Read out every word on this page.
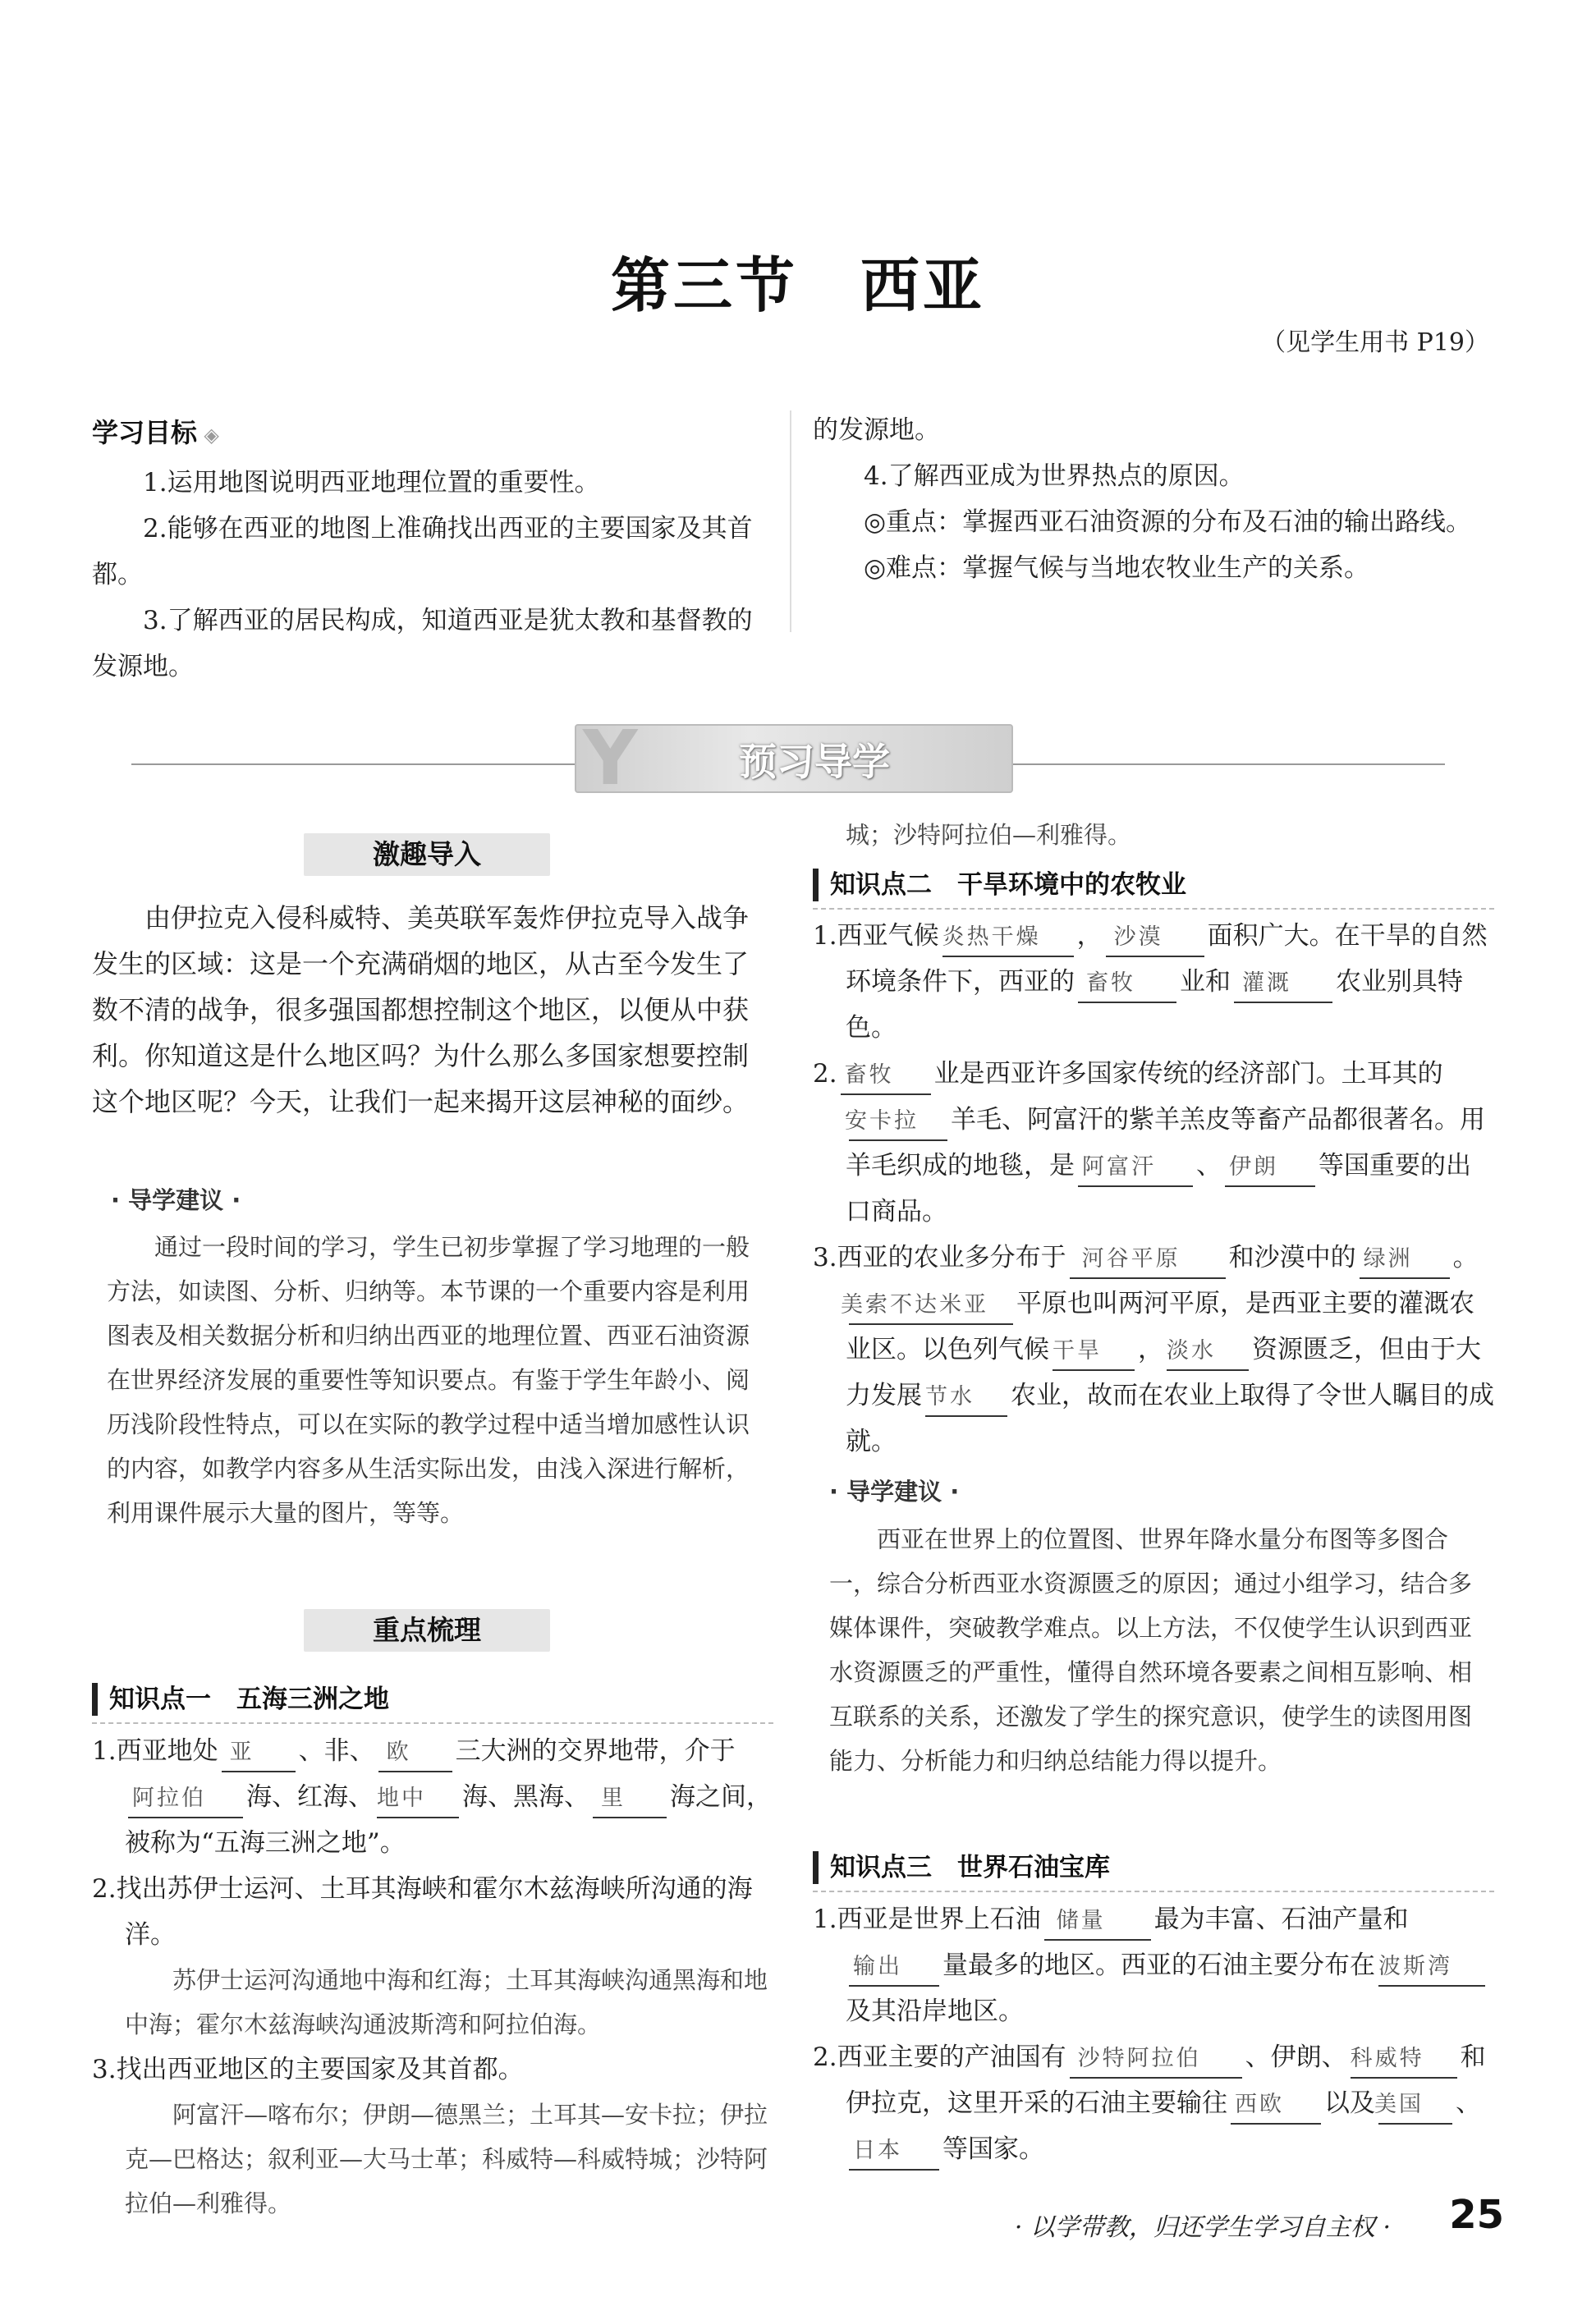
第三节　西亚
（见学生用书 P19）
学习目标 ◈

1.运用地图说明西亚地理位置的重要性。

2.能够在西亚的地图上准确找出西亚的主要国家及其首都。

3.了解西亚的居民构成，知道西亚是犹太教和基督教的发源地。

的发源地。

4.了解西亚成为世界热点的原因。

◎重点：掌握西亚石油资源的分布及石油的输出路线。

◎难点：掌握气候与当地农牧业生产的关系。

Y	预习导学
激趣导入

由伊拉克入侵科威特、美英联军轰炸伊拉克导入战争发生的区域：这是一个充满硝烟的地区，从古至今发生了数不清的战争，很多强国都想控制这个地区，以便从中获利。你知道这是什么地区吗？为什么那么多国家想要控制这个地区呢？今天，让我们一起来揭开这层神秘的面纱。

· 导学建议 ·

通过一段时间的学习，学生已初步掌握了学习地理的一般方法，如读图、分析、归纳等。本节课的一个重要内容是利用图表及相关数据分析和归纳出西亚的地理位置、西亚石油资源在世界经济发展的重要性等知识要点。有鉴于学生年龄小、阅历浅阶段性特点，可以在实际的教学过程中适当增加感性认识的内容，如教学内容多从生活实际出发，由浅入深进行解析，利用课件展示大量的图片，等等。

重点梳理
知识点一　五海三洲之地

1.西亚地处 亚 、非、 欧 三大洲的交界地带，介于阿拉伯 海、红海、 地中 海、黑海、 里 海之间，被称为“五海三洲之地”。

2.找出苏伊士运河、土耳其海峡和霍尔木兹海峡所沟通的海洋。

苏伊士运河沟通地中海和红海；土耳其海峡沟通黑海和地中海；霍尔木兹海峡沟通波斯湾和阿拉伯海。

3.找出西亚地区的主要国家及其首都。

阿富汗—喀布尔；伊朗—德黑兰；土耳其—安卡拉；伊拉克—巴格达；叙利亚—大马士革；科威特—科威特城；沙特阿拉伯—利雅得。

城；沙特阿拉伯—利雅得。
知识点二　干旱环境中的农牧业

1.西亚气候 炎热干燥 ， 沙漠 面积广大。在干旱的自然环境条件下，西亚的 畜牧 业和 灌溉 农业别具特色。

2. 畜牧 业是西亚许多国家传统的经济部门。土耳其的安卡拉 羊毛、阿富汗的紫羊羔皮等畜产品都很著名。用羊毛织成的地毯，是 阿富汗 、 伊朗 等国重要的出口商品。

3.西亚的农业多分布于 河谷平原 和沙漠中的 绿洲 。美索不达米亚 平原也叫两河平原，是西亚主要的灌溉农业区。以色列气候 干旱 ， 淡水 资源匮乏，但由于大力发展 节水 农业，故而在农业上取得了令世人瞩目的成就。

· 导学建议 ·

西亚在世界上的位置图、世界年降水量分布图等多图合一，综合分析西亚水资源匮乏的原因；通过小组学习，结合多媒体课件，突破教学难点。以上方法，不仅使学生认识到西亚水资源匮乏的严重性，懂得自然环境各要素之间相互影响、相互联系的关系，还激发了学生的探究意识，使学生的读图用图能力、分析能力和归纳总结能力得以提升。

知识点三　世界石油宝库

1.西亚是世界上石油 储量 最为丰富、石油产量和输出 量最多的地区。西亚的石油主要分布在 波斯湾及其沿岸地区。

2.西亚主要的产油国有 沙特阿拉伯 、伊朗、 科威特 和伊拉克，这里开采的石油主要输往 西欧 以及美国 、日本 等国家。

· 以学带教，归还学生学习自主权 · 25
